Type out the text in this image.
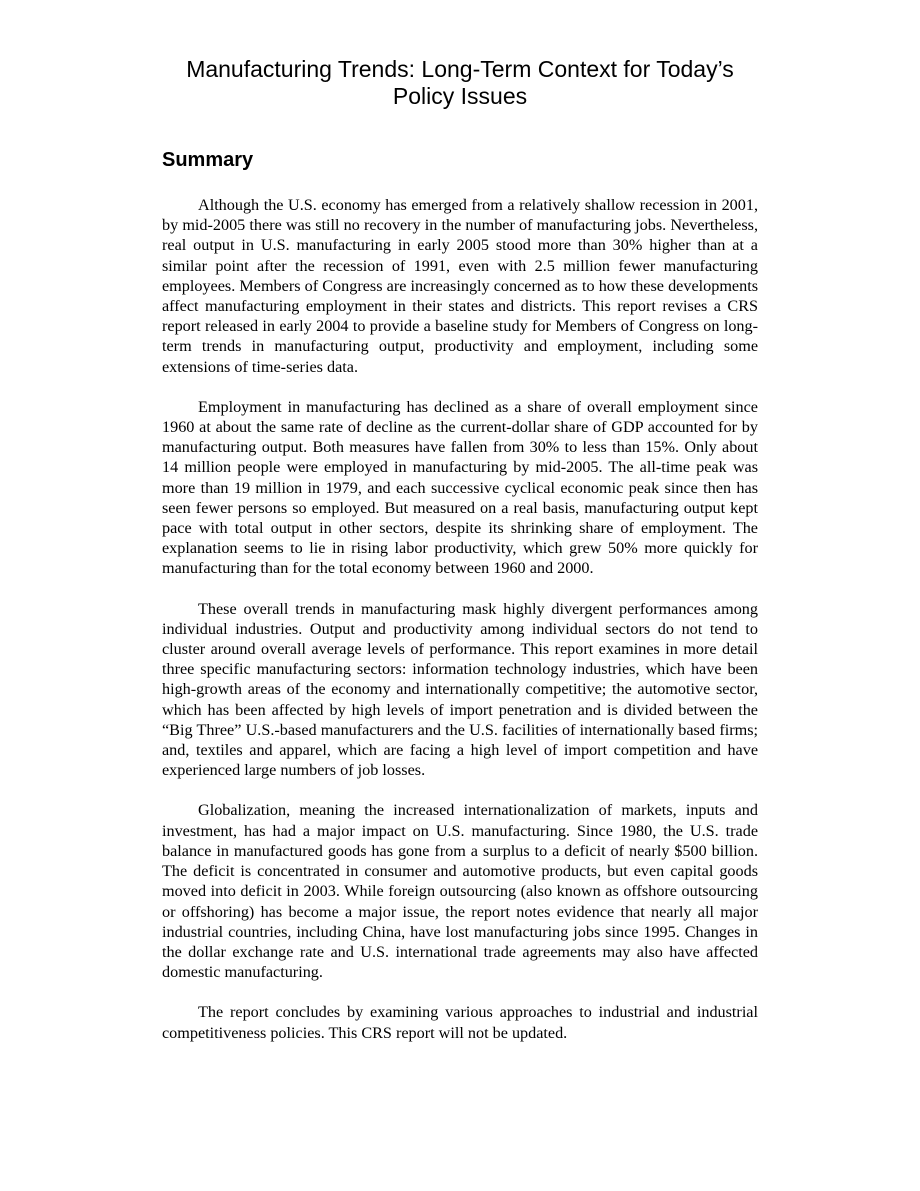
Manufacturing Trends: Long-Term Context for Today’s Policy Issues
Summary

Although the U.S. economy has emerged from a relatively shallow recession in 2001, by mid-2005 there was still no recovery in the number of manufacturing jobs. Nevertheless, real output in U.S. manufacturing in early 2005 stood more than 30% higher than at a similar point after the recession of 1991, even with 2.5 million fewer manufacturing employees. Members of Congress are increasingly concerned as to how these developments affect manufacturing employment in their states and districts. This report revises a CRS report released in early 2004 to provide a baseline study for Members of Congress on long-term trends in manufacturing output, productivity and employment, including some extensions of time-series data.

Employment in manufacturing has declined as a share of overall employment since 1960 at about the same rate of decline as the current-dollar share of GDP accounted for by manufacturing output. Both measures have fallen from 30% to less than 15%. Only about 14 million people were employed in manufacturing by mid-2005. The all-time peak was more than 19 million in 1979, and each successive cyclical economic peak since then has seen fewer persons so employed. But measured on a real basis, manufacturing output kept pace with total output in other sectors, despite its shrinking share of employment. The explanation seems to lie in rising labor productivity, which grew 50% more quickly for manufacturing than for the total economy between 1960 and 2000.

These overall trends in manufacturing mask highly divergent performances among individual industries. Output and productivity among individual sectors do not tend to cluster around overall average levels of performance. This report examines in more detail three specific manufacturing sectors: information technology industries, which have been high-growth areas of the economy and internationally competitive; the automotive sector, which has been affected by high levels of import penetration and is divided between the “Big Three” U.S.-based manufacturers and the U.S. facilities of internationally based firms; and, textiles and apparel, which are facing a high level of import competition and have experienced large numbers of job losses.

Globalization, meaning the increased internationalization of markets, inputs and investment, has had a major impact on U.S. manufacturing. Since 1980, the U.S. trade balance in manufactured goods has gone from a surplus to a deficit of nearly $500 billion. The deficit is concentrated in consumer and automotive products, but even capital goods moved into deficit in 2003. While foreign outsourcing (also known as offshore outsourcing or offshoring) has become a major issue, the report notes evidence that nearly all major industrial countries, including China, have lost manufacturing jobs since 1995. Changes in the dollar exchange rate and U.S. international trade agreements may also have affected domestic manufacturing.

The report concludes by examining various approaches to industrial and industrial competitiveness policies. This CRS report will not be updated.
